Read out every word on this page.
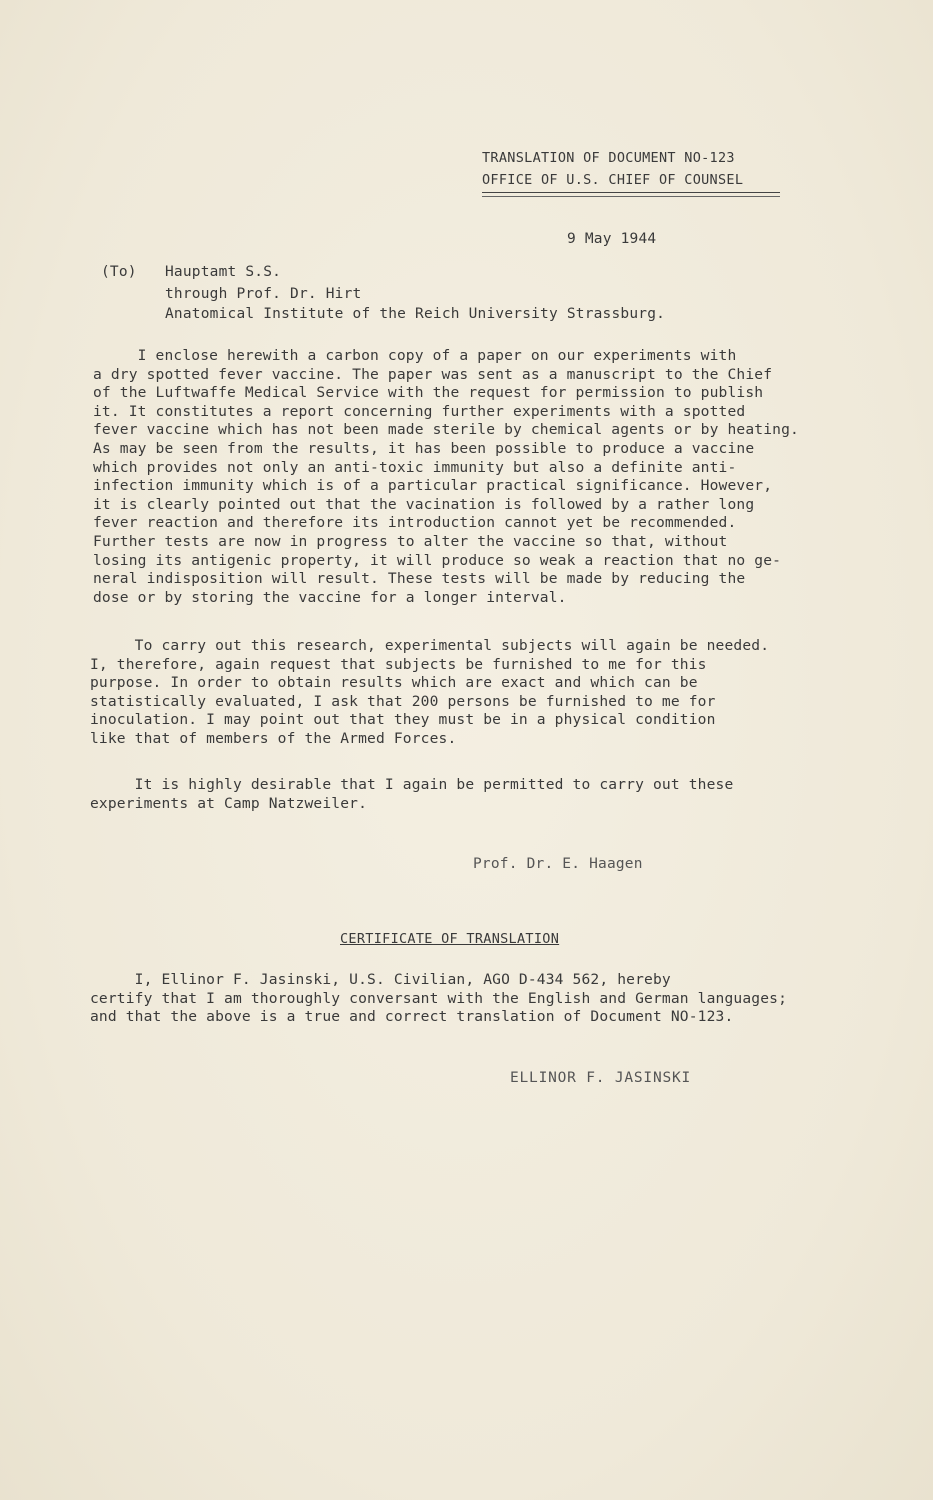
TRANSLATION OF DOCUMENT NO-123
OFFICE OF U.S. CHIEF OF COUNSEL
9 May 1944
(To) Hauptamt S.S.
through Prof. Dr. Hirt
Anatomical Institute of the Reich University Strassburg.
I enclose herewith a carbon copy of a paper on our experiments with
a dry spotted fever vaccine. The paper was sent as a manuscript to the Chief
of the Luftwaffe Medical Service with the request for permission to publish
it. It constitutes a report concerning further experiments with a spotted
fever vaccine which has not been made sterile by chemical agents or by heating.
As may be seen from the results, it has been possible to produce a vaccine
which provides not only an anti-toxic immunity but also a definite anti-
infection immunity which is of a particular practical significance. However,
it is clearly pointed out that the vacination is followed by a rather long
fever reaction and therefore its introduction cannot yet be recommended.
Further tests are now in progress to alter the vaccine so that, without
losing its antigenic property, it will produce so weak a reaction that no ge-
neral indisposition will result. These tests will be made by reducing the
dose or by storing the vaccine for a longer interval.
To carry out this research, experimental subjects will again be needed.
I, therefore, again request that subjects be furnished to me for this
purpose. In order to obtain results which are exact and which can be
statistically evaluated, I ask that 200 persons be furnished to me for
inoculation. I may point out that they must be in a physical condition
like that of members of the Armed Forces.
It is highly desirable that I again be permitted to carry out these
experiments at Camp Natzweiler.
Prof. Dr. E. Haagen
CERTIFICATE OF TRANSLATION
I, Ellinor F. Jasinski, U.S. Civilian, AGO D-434 562, hereby
certify that I am thoroughly conversant with the English and German languages;
and that the above is a true and correct translation of Document NO-123.
ELLINOR F. JASINSKI
